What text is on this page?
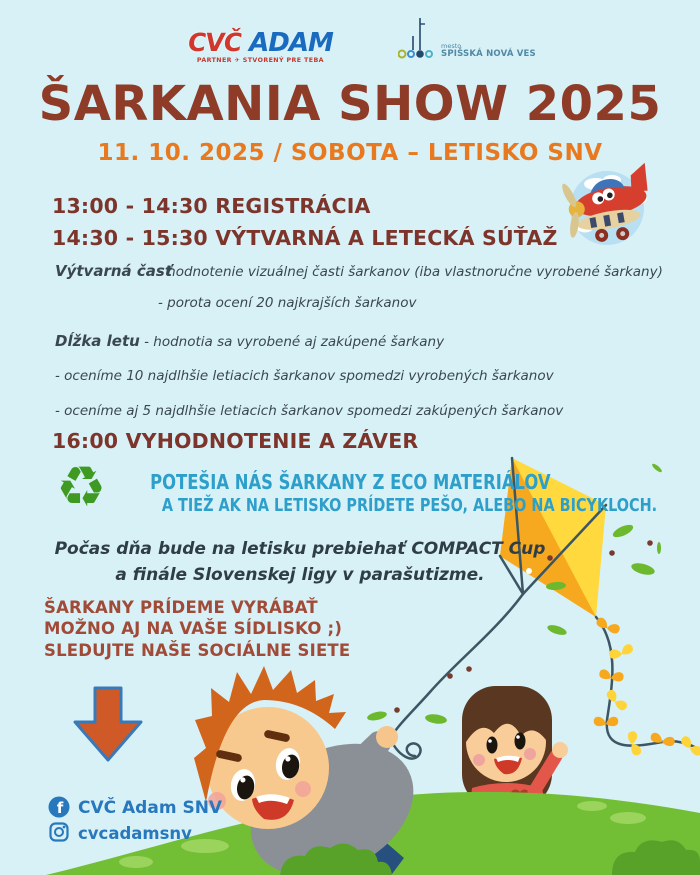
CVČ ADAM
PARTNER ✈ STVORENÝ PRE TEBA
mesto
SPIŠSKÁ NOVÁ VES
ŠARKANIA SHOW 2025
11. 10. 2025 / SOBOTA – LETISKO SNV
13:00 - 14:30 REGISTRÁCIA
14:30 - 15:30 VÝTVARNÁ A LETECKÁ SÚŤAŽ
Výtvarná časť
- hodnotenie vizuálnej časti šarkanov (iba vlastnoručne vyrobené šarkany)
- porota ocení 20 najkrajších šarkanov
Dĺžka letu - hodnotia sa vyrobené aj zakúpené šarkany
- oceníme 10 najdlhšie letiacich šarkanov spomedzi vyrobených šarkanov
- oceníme aj 5 najdlhšie letiacich šarkanov spomedzi zakúpených šarkanov
16:00 VYHODNOTENIE A ZÁVER
♻	POTEŠIA NÁS ŠARKANY Z ECO MATERIÁLOV
A TIEŽ AK NA LETISKO PRÍDETE PEŠO, ALEBO NA BICYKLOCH.
Počas dňa bude na letisku prebiehať COMPACT Cup
a finále Slovenskej ligy v parašutizme.
ŠARKANY PRÍDEME VYRÁBAŤ
MOŽNO AJ NA VAŠE SÍDLISKO ;)
SLEDUJTE NAŠE SOCIÁLNE SIETE
f CVČ Adam SNV
cvcadamsnv
